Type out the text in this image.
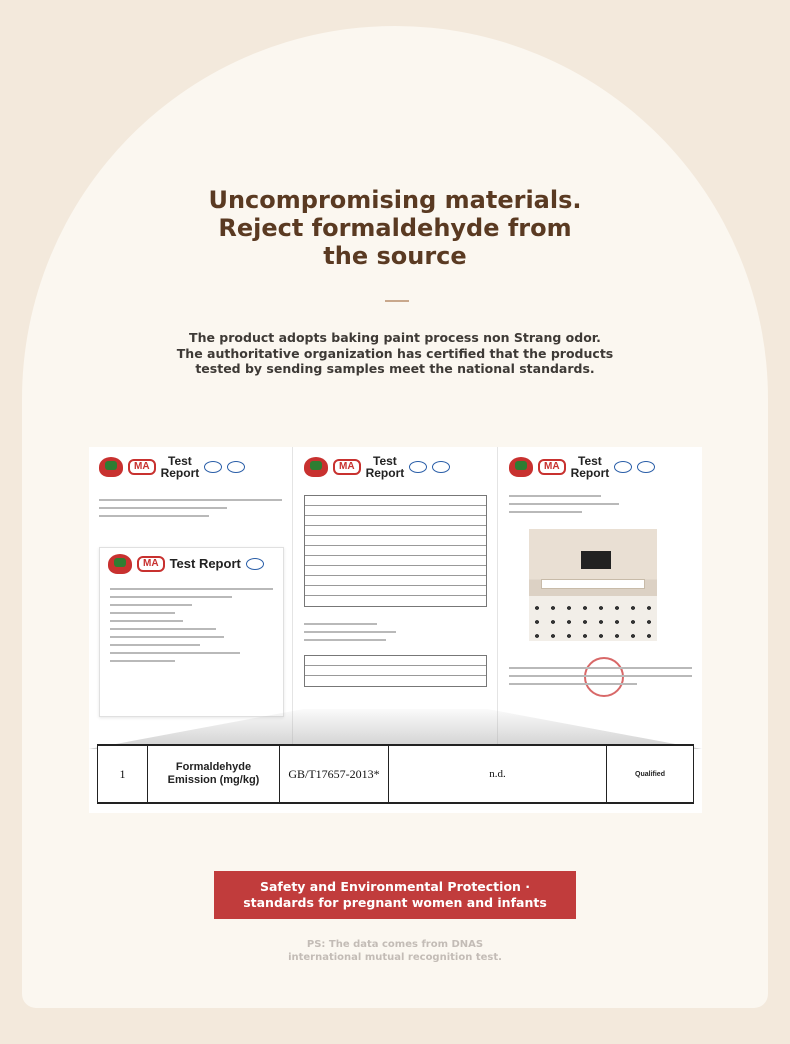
Uncompromising materials.
Reject formaldehyde from
the source

The product adopts baking paint process non Strang odor.
The authoritative organization has certified that the products
tested by sending samples meet the national standards.

MA	Test
Report
MA Test Report
MA	Test
Report	MA	Test
Report
1	Formaldehyde
Emission (mg/kg)	GB/T17657-2013*	n.d.	Qualified
Safety and Environmental Protection ·
standards for pregnant women and infants

PS: The data comes from DNAS
international mutual recognition test.
